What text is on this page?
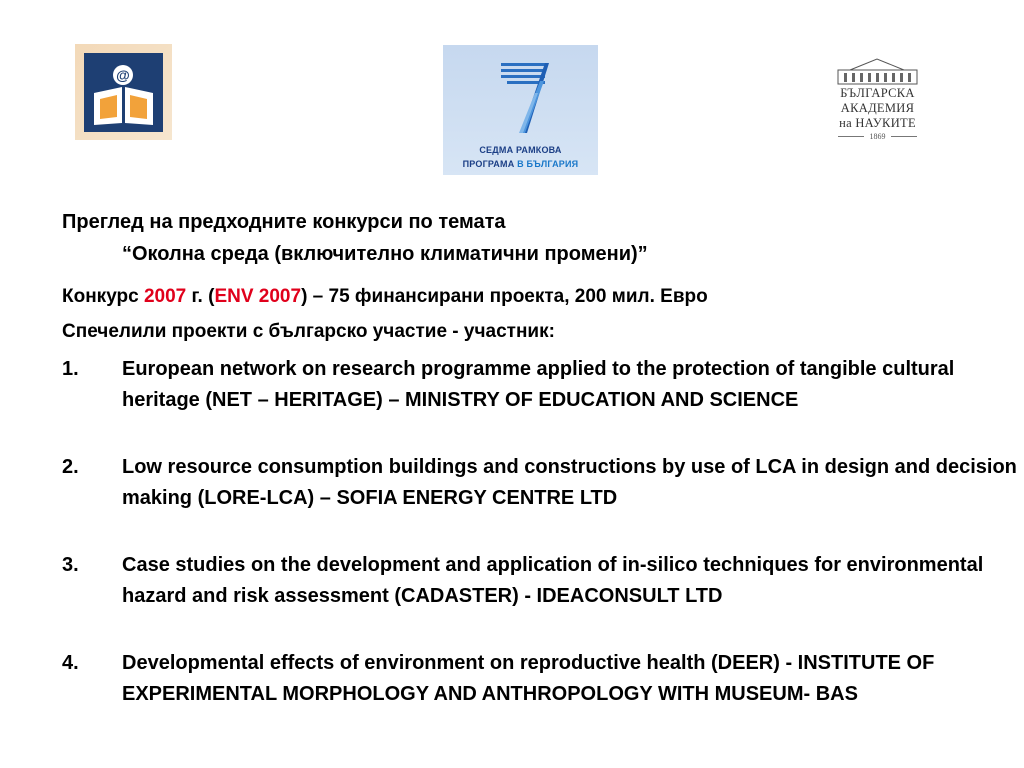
@
СЕДМА РАМКОВА
ПРОГРАМА В БЪЛГАРИЯ
БЪЛГАРСКА
АКАДЕМИЯ
на НАУКИТЕ
1869
Преглед на предходните конкурси по темата
“Околна среда (включително климатични промени)”
Конкурс 2007 г. (ENV 2007) – 75 финансирани проекта, 200 мил. Евро
Спечелили проекти с българско участие - участник:
1. European network on research programme applied to the protection of tangible cultural heritage (NET – HERITAGE) – MINISTRY OF EDUCATION AND SCIENCE
2. Low resource consumption buildings and constructions by use of LCA in design and decision making (LORE-LCA) – SOFIA ENERGY CENTRE LTD
3. Case studies on the development and application of in-silico techniques for environmental hazard and risk assessment (CADASTER) - IDEACONSULT LTD
4. Developmental effects of environment on reproductive health (DEER) - INSTITUTE OF EXPERIMENTAL MORPHOLOGY AND ANTHROPOLOGY WITH MUSEUM- BAS
